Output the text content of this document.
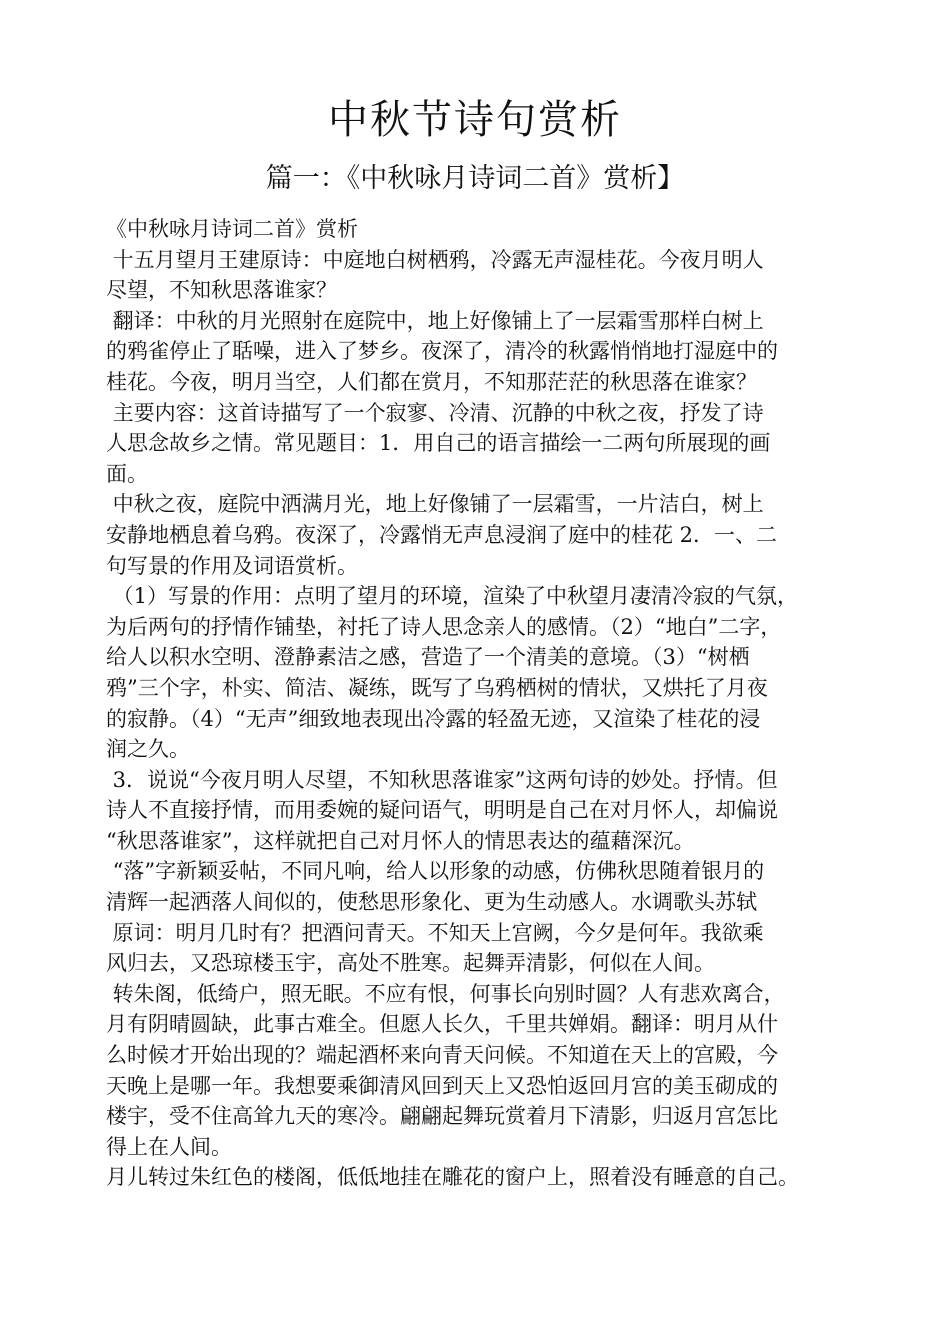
中秋节诗句赏析
篇一：《中秋咏月诗词二首》赏析】
《中秋咏月诗词二首》赏析
十五月望月王建原诗：中庭地白树栖鸦，冷露无声湿桂花。今夜月明人
尽望，不知秋思落谁家？
翻译：中秋的月光照射在庭院中，地上好像铺上了一层霜雪那样白树上
的鸦雀停止了聒噪，进入了梦乡。夜深了，清冷的秋露悄悄地打湿庭中的
桂花。今夜，明月当空，人们都在赏月，不知那茫茫的秋思落在谁家？
主要内容：这首诗描写了一个寂寥、冷清、沉静的中秋之夜，抒发了诗
人思念故乡之情。常见题目：1．用自己的语言描绘一二两句所展现的画
面。
中秋之夜，庭院中洒满月光，地上好像铺了一层霜雪，一片洁白，树上
安静地栖息着乌鸦。夜深了，冷露悄无声息浸润了庭中的桂花 2．一、二
句写景的作用及词语赏析。
（1）写景的作用：点明了望月的环境，渲染了中秋望月凄清冷寂的气氛，
为后两句的抒情作铺垫，衬托了诗人思念亲人的感情。（2）“地白”二字，
给人以积水空明、澄静素洁之感，营造了一个清美的意境。（3）“树栖
鸦”三个字，朴实、简洁、凝练，既写了乌鸦栖树的情状，又烘托了月夜
的寂静。（4）“无声”细致地表现出冷露的轻盈无迹，又渲染了桂花的浸
润之久。
3．说说“今夜月明人尽望，不知秋思落谁家”这两句诗的妙处。抒情。但
诗人不直接抒情，而用委婉的疑问语气，明明是自己在对月怀人，却偏说
“秋思落谁家”，这样就把自己对月怀人的情思表达的蕴藉深沉。
“落”字新颖妥帖，不同凡响，给人以形象的动感，仿佛秋思随着银月的
清辉一起洒落人间似的，使愁思形象化、更为生动感人。水调歌头苏轼
原词：明月几时有？把酒问青天。不知天上宫阙，今夕是何年。我欲乘
风归去，又恐琼楼玉宇，高处不胜寒。起舞弄清影，何似在人间。
转朱阁，低绮户，照无眠。不应有恨，何事长向别时圆？人有悲欢离合，
月有阴晴圆缺，此事古难全。但愿人长久，千里共婵娟。翻译：明月从什
么时候才开始出现的？端起酒杯来向青天问候。不知道在天上的宫殿，今
天晚上是哪一年。我想要乘御清风回到天上又恐怕返回月宫的美玉砌成的
楼宇，受不住高耸九天的寒冷。翩翩起舞玩赏着月下清影，归返月宫怎比
得上在人间。
月儿转过朱红色的楼阁，低低地挂在雕花的窗户上，照着没有睡意的自己。
